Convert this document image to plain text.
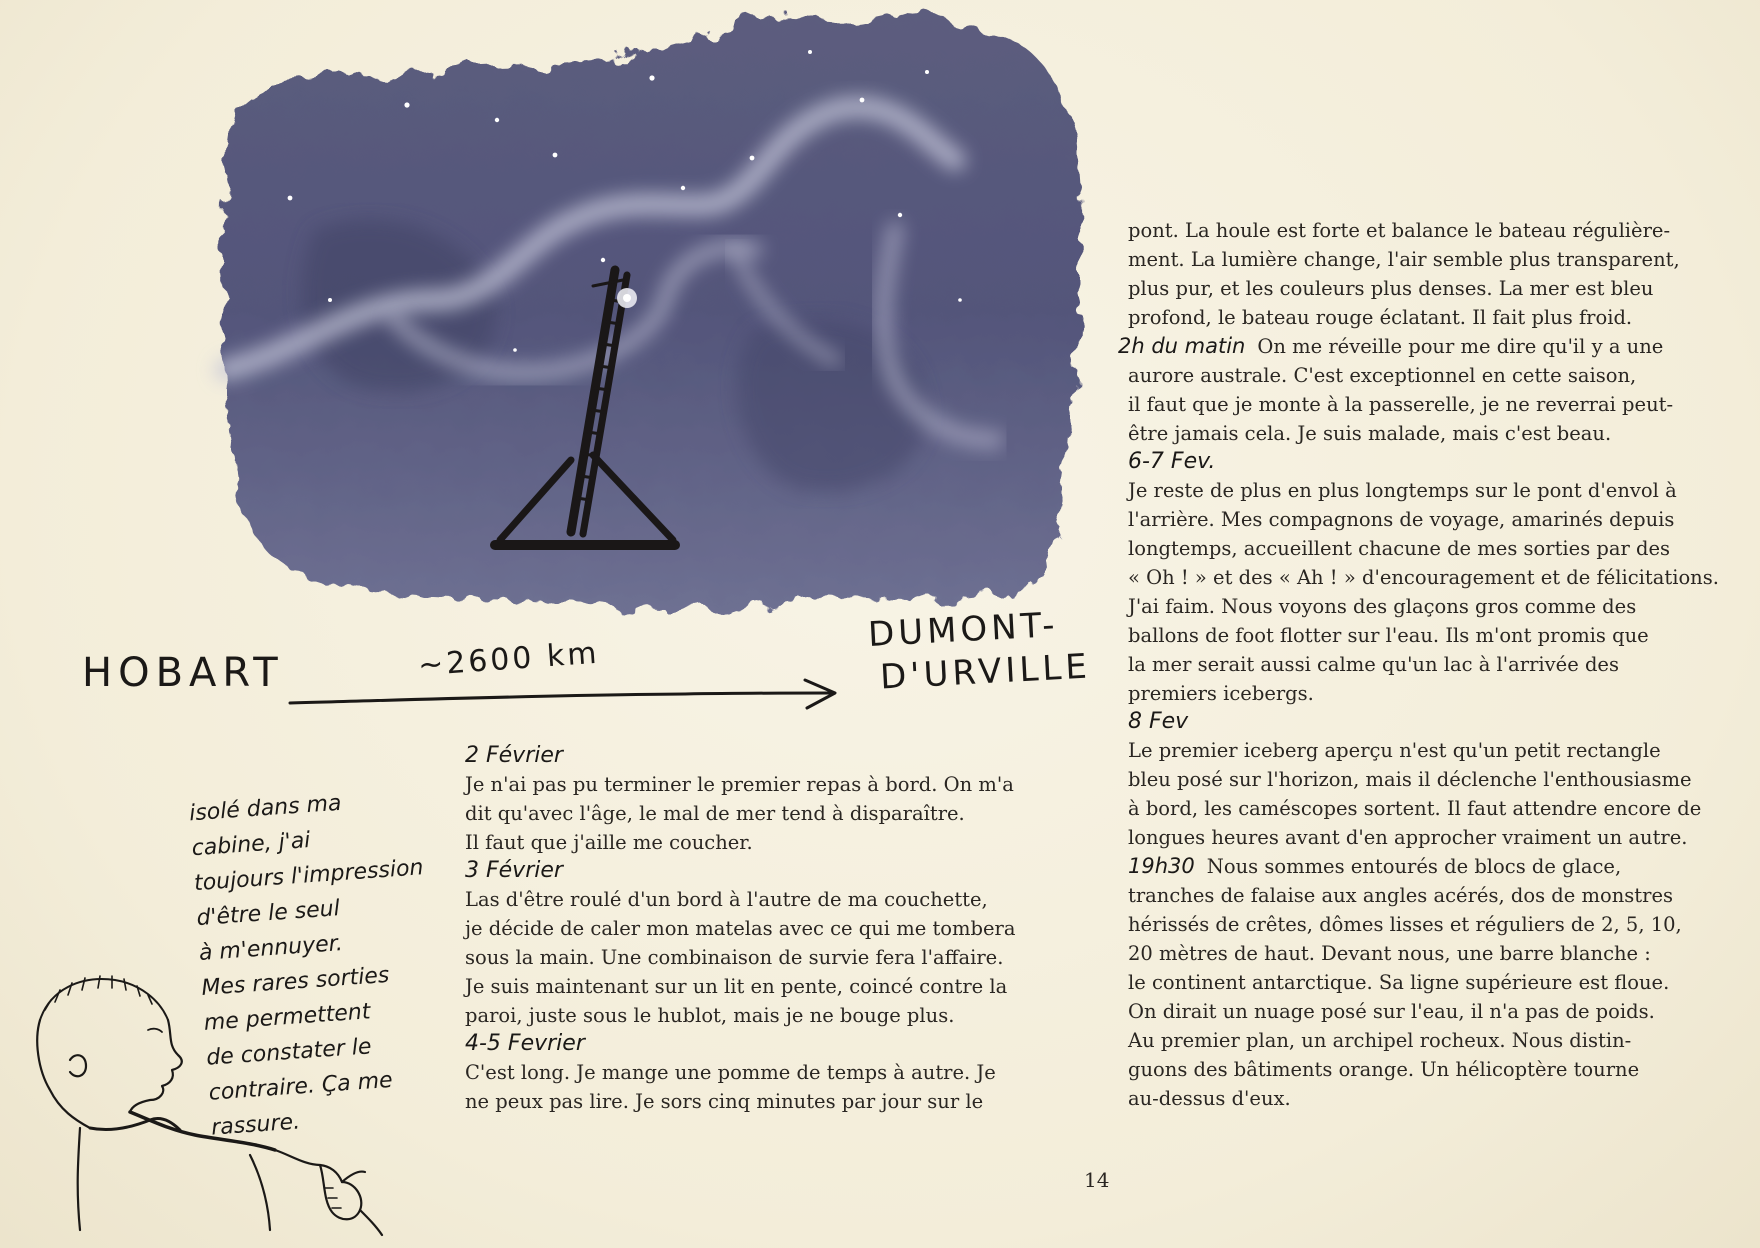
HOBART	~2600 km
DUMONT-
D'URVILLE
2 Février

Je n'ai pas pu terminer le premier repas à bord. On m'a

dit qu'avec l'âge, le mal de mer tend à disparaître.

Il faut que j'aille me coucher.

3 Février

Las d'être roulé d'un bord à l'autre de ma couchette,

je décide de caler mon matelas avec ce qui me tombera

sous la main. Une combinaison de survie fera l'affaire.

Je suis maintenant sur un lit en pente, coincé contre la

paroi, juste sous le hublot, mais je ne bouge plus.

4-5 Fevrier

C'est long. Je mange une pomme de temps à autre. Je

ne peux pas lire. Je sors cinq minutes par jour sur le

pont. La houle est forte et balance le bateau régulière-

ment. La lumière change, l'air semble plus transparent,

plus pur, et les couleurs plus denses. La mer est bleu

profond, le bateau rouge éclatant. Il fait plus froid.

2h du matin On me réveille pour me dire qu'il y a une

aurore australe. C'est exceptionnel en cette saison,

il faut que je monte à la passerelle, je ne reverrai peut-

être jamais cela. Je suis malade, mais c'est beau.

6-7 Fev.

Je reste de plus en plus longtemps sur le pont d'envol à

l'arrière. Mes compagnons de voyage, amarinés depuis

longtemps, accueillent chacune de mes sorties par des

« Oh ! » et des « Ah ! » d'encouragement et de félicitations.

J'ai faim. Nous voyons des glaçons gros comme des

ballons de foot flotter sur l'eau. Ils m'ont promis que

la mer serait aussi calme qu'un lac à l'arrivée des

premiers icebergs.

8 Fev

Le premier iceberg aperçu n'est qu'un petit rectangle

bleu posé sur l'horizon, mais il déclenche l'enthousiasme

à bord, les caméscopes sortent. Il faut attendre encore de

longues heures avant d'en approcher vraiment un autre.

19h30 Nous sommes entourés de blocs de glace,

tranches de falaise aux angles acérés, dos de monstres

hérissés de crêtes, dômes lisses et réguliers de 2, 5, 10,

20 mètres de haut. Devant nous, une barre blanche :

le continent antarctique. Sa ligne supérieure est floue.

On dirait un nuage posé sur l'eau, il n'a pas de poids.

Au premier plan, un archipel rocheux. Nous distin-

guons des bâtiments orange. Un hélicoptère tourne

au-dessus d'eux.

isolé dans ma

cabine, j'ai

toujours l'impression

d'être le seul

à m'ennuyer.

Mes rares sorties

me permettent

de constater le

contraire. Ça me

rassure.

14
